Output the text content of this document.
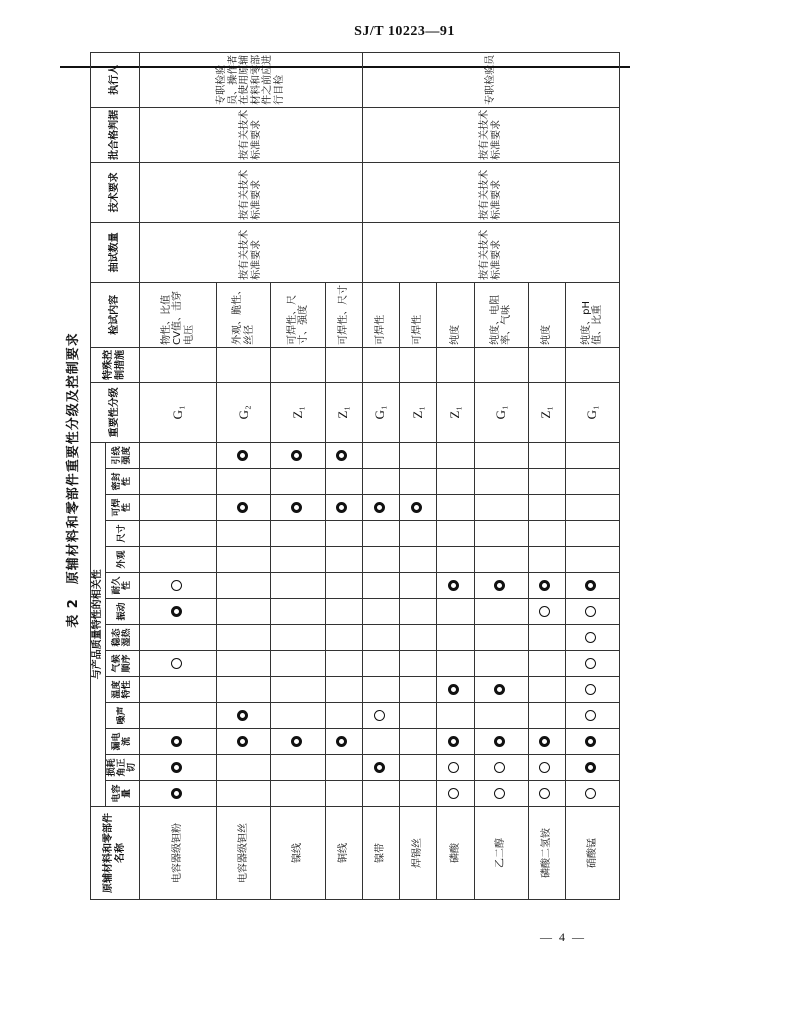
SJ/T 10223—91
表 2　原辅材料和零部件重要性分级及控制要求
原辅材料和零部件名称	与产品质量特性的相关性														重要性分级	特殊控制措施	检试内容	抽试数量	技术要求	批合格判据	执行人
	电容量	损耗角正切	漏电流	噪声	温度特性	气候顺序	稳态湿热	振动	耐久性	外观	尺寸	可焊性	密封性	引线强度							
电容器级钽粉															G₁		物性、比值CV值、击穿电压	按有关技术标准要求	按有关技术标准要求	按有关技术标准要求	专职检验员、操作者在使用原辅材料和零部件之前应进行目检
电容器级钽丝															G₂		外观、脆性、丝径				
镍线															Z₁		可焊性、尺寸、强度				
铜线															Z₁		可焊性、尺寸				
镍带															G₁		可焊性	按有关技术标准要求	按有关技术标准要求	按有关技术标准要求	专职检验员
焊锡丝															Z₁		可焊性				
磷酸															Z₁		纯度				
乙二醇															G₁		纯度、电阻率、气味				
磷酸二氢铵															Z₁		纯度				
硝酸锰															G₁		纯度、pH值、比重				
— 4 —
